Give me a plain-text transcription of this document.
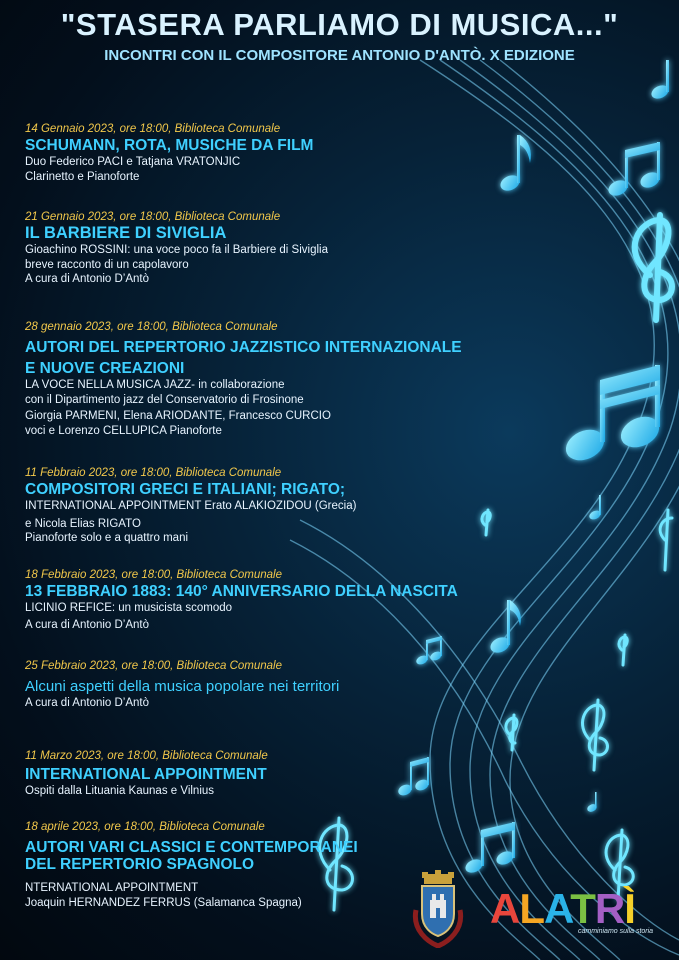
"STASERA PARLIAMO DI MUSICA..."
INCONTRI CON IL COMPOSITORE ANTONIO D'ANTÒ. X EDIZIONE
14 Gennaio 2023, ore 18:00, Biblioteca Comunale
SCHUMANN, ROTA, MUSICHE DA FILM
Duo Federico PACI e Tatjana VRATONJIC
Clarinetto e Pianoforte
21 Gennaio 2023, ore 18:00, Biblioteca Comunale
IL BARBIERE DI SIVIGLIA
Gioachino ROSSINI: una voce poco fa il Barbiere di Siviglia
breve racconto di un capolavoro
A cura di Antonio D’Antò
28 gennaio 2023, ore 18:00, Biblioteca Comunale
AUTORI DEL REPERTORIO JAZZISTICO INTERNAZIONALE
E NUOVE CREAZIONI
LA VOCE NELLA MUSICA JAZZ- in collaborazione
con il Dipartimento jazz del Conservatorio di Frosinone
Giorgia PARMENI, Elena ARIODANTE, Francesco CURCIO
voci e Lorenzo CELLUPICA Pianoforte
11 Febbraio 2023, ore 18:00, Biblioteca Comunale
COMPOSITORI GRECI E ITALIANI; RIGATO;
INTERNATIONAL APPOINTMENT Erato ALAKIOZIDOU (Grecia)
e Nicola Elias RIGATO
Pianoforte solo e a quattro mani
18 Febbraio 2023, ore 18:00, Biblioteca Comunale
13 FEBBRAIO 1883: 140° ANNIVERSARIO DELLA NASCITA
LICINIO REFICE: un musicista scomodo
A cura di Antonio D’Antò
25 Febbraio 2023, ore 18:00, Biblioteca Comunale
Alcuni aspetti della musica popolare nei territori
A cura di Antonio D’Antò
11 Marzo 2023, ore 18:00, Biblioteca Comunale
INTERNATIONAL APPOINTMENT
Ospiti dalla Lituania Kaunas e Vilnius
18 aprile 2023, ore 18:00, Biblioteca Comunale
AUTORI VARI CLASSICI E CONTEMPORANEI
DEL REPERTORIO SPAGNOLO
NTERNATIONAL APPOINTMENT
Joaquin HERNANDEZ FERRUS (Salamanca Spagna)	ALATRÌ
camminiamo sulla storia
